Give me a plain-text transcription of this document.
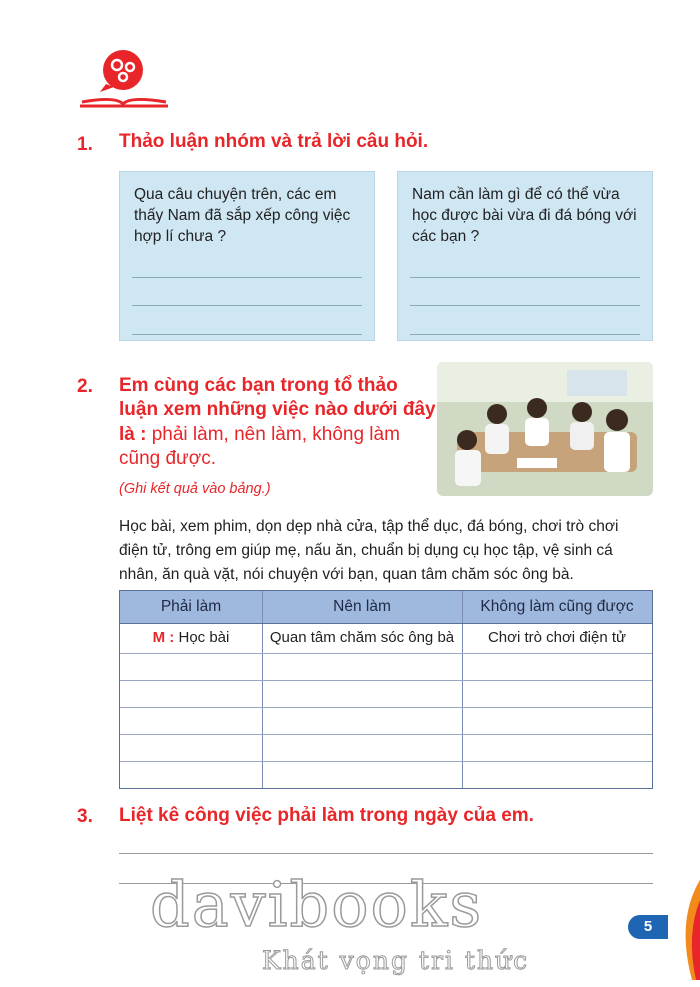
1. Thảo luận nhóm và trả lời câu hỏi.
Qua câu chuyện trên, các em thấy Nam đã sắp xếp công việc hợp lí chưa ?
Nam cần làm gì để có thể vừa học được bài vừa đi đá bóng với các bạn ?
2. Em cùng các bạn trong tổ thảo
luận xem những việc nào dưới đây
là : phải làm, nên làm, không làm
cũng được.
(Ghi kết quả vào bảng.)
Học bài, xem phim, dọn dẹp nhà cửa, tập thể dục, đá bóng, chơi trò chơi
điện tử, trông em giúp mẹ, nấu ăn, chuẩn bị dụng cụ học tập, vệ sinh cá
nhân, ăn quà vặt, nói chuyện với bạn, quan tâm chăm sóc ông bà.
Phải làm	Nên làm	Không làm cũng được
M : Học bài	Quan tâm chăm sóc ông bà	Chơi trò chơi điện tử
3. Liệt kê công việc phải làm trong ngày của em.
davibooks
Khát vọng tri thức
5
